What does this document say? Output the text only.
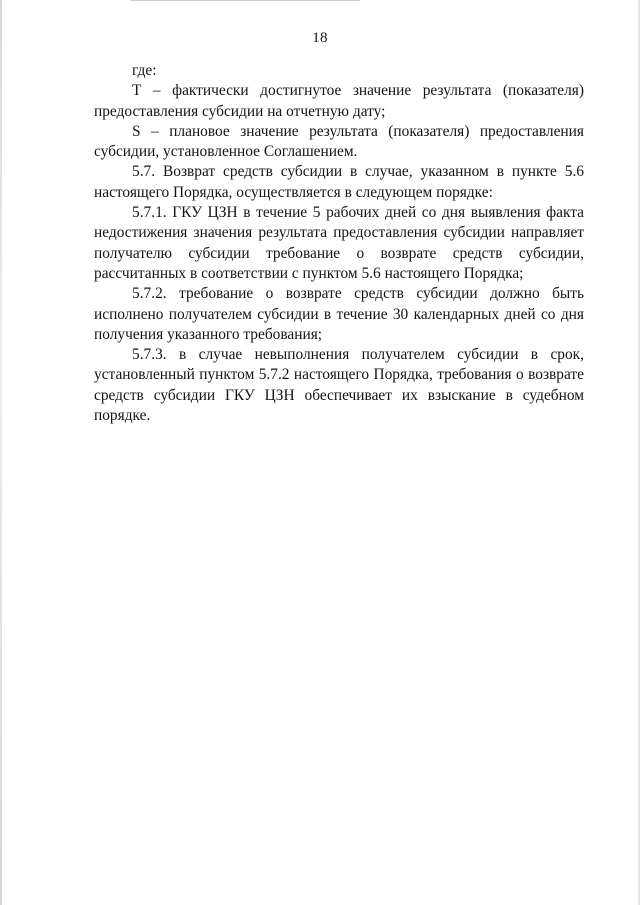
18

где:

Т – фактически достигнутое значение результата (показателя) предоставления субсидии на отчетную дату;

S – плановое значение результата (показателя) предоставления субсидии, установленное Соглашением.

5.7. Возврат средств субсидии в случае, указанном в пункте 5.6 настоящего Порядка, осуществляется в следующем порядке:

5.7.1. ГКУ ЦЗН в течение 5 рабочих дней со дня выявления факта недостижения значения результата предоставления субсидии направляет получателю субсидии требование о возврате средств субсидии, рассчитанных в соответствии с пунктом 5.6 настоящего Порядка;

5.7.2. требование о возврате средств субсидии должно быть исполнено получателем субсидии в течение 30 календарных дней со дня получения указанного требования;

5.7.3. в случае невыполнения получателем субсидии в срок, установленный пунктом 5.7.2 настоящего Порядка, требования о возврате средств субсидии ГКУ ЦЗН обеспечивает их взыскание в судебном порядке.
